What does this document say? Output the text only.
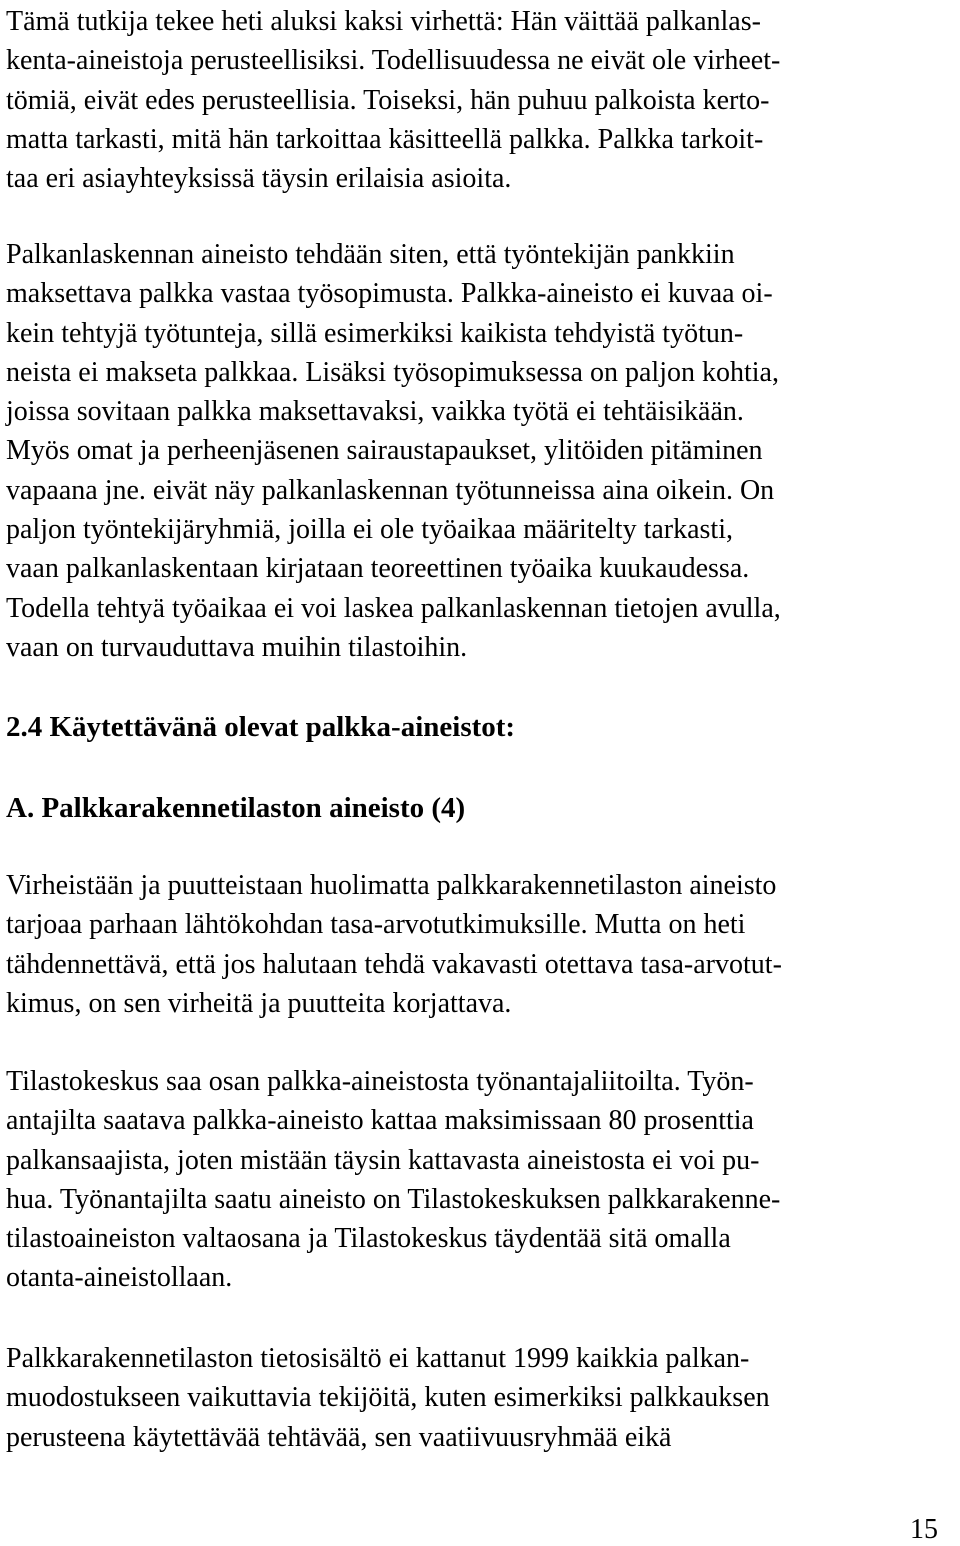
Tämä tutkija tekee heti aluksi kaksi virhettä: Hän väittää palkanlas-
kenta-aineistoja perusteellisiksi. Todellisuudessa ne eivät ole virheet-
tömiä, eivät edes perusteellisia. Toiseksi, hän puhuu palkoista kerto-
matta tarkasti, mitä hän tarkoittaa käsitteellä palkka. Palkka tarkoit-
taa eri asiayhteyksissä täysin erilaisia asioita.
Palkanlaskennan aineisto tehdään siten, että työntekijän pankkiin
maksettava palkka vastaa työsopimusta. Palkka-aineisto ei kuvaa oi-
kein tehtyjä työtunteja, sillä esimerkiksi kaikista tehdyistä työtun-
neista ei makseta palkkaa. Lisäksi työsopimuksessa on paljon kohtia,
joissa sovitaan palkka maksettavaksi, vaikka työtä ei tehtäisikään.
Myös omat ja perheenjäsenen sairaustapaukset, ylitöiden pitäminen
vapaana jne. eivät näy palkanlaskennan työtunneissa aina oikein. On
paljon työntekijäryhmiä, joilla ei ole työaikaa määritelty tarkasti,
vaan palkanlaskentaan kirjataan teoreettinen työaika kuukaudessa.
Todella tehtyä työaikaa ei voi laskea palkanlaskennan tietojen avulla,
vaan on turvauduttava muihin tilastoihin.
2.4 Käytettävänä olevat palkka-aineistot:
A. Palkkarakennetilaston aineisto (4)
Virheistään ja puutteistaan huolimatta palkkarakennetilaston aineisto
tarjoaa parhaan lähtökohdan tasa-arvotutkimuksille. Mutta on heti
tähdennettävä, että jos halutaan tehdä vakavasti otettava tasa-arvotut-
kimus, on sen virheitä ja puutteita korjattava.
Tilastokeskus saa osan palkka-aineistosta työnantajaliitoilta. Työn-
antajilta saatava palkka-aineisto kattaa maksimissaan 80 prosenttia
palkansaajista, joten mistään täysin kattavasta aineistosta ei voi pu-
hua. Työnantajilta saatu aineisto on Tilastokeskuksen palkkarakenne-
tilastoaineiston valtaosana ja Tilastokeskus täydentää sitä omalla
otanta-aineistollaan.
Palkkarakennetilaston tietosisältö ei kattanut 1999 kaikkia palkan-
muodostukseen vaikuttavia tekijöitä, kuten esimerkiksi palkkauksen
perusteena käytettävää tehtävää, sen vaatiivuusryhmää eikä
15
